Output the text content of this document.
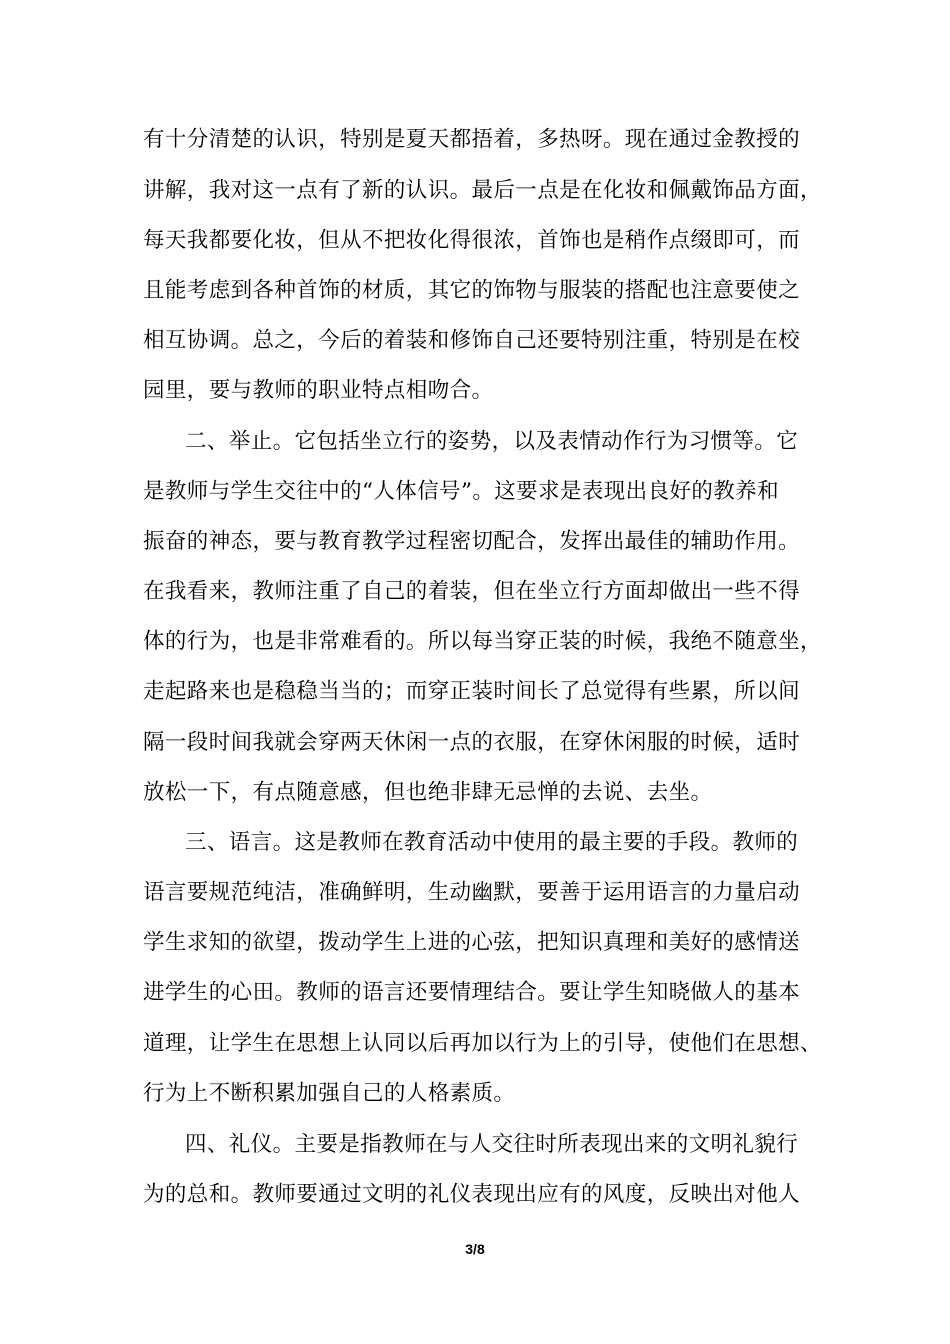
有十分清楚的认识，特别是夏天都捂着，多热呀。现在通过金教授的
讲解，我对这一点有了新的认识。最后一点是在化妆和佩戴饰品方面，
每天我都要化妆，但从不把妆化得很浓，首饰也是稍作点缀即可，而
且能考虑到各种首饰的材质，其它的饰物与服装的搭配也注意要使之
相互协调。总之，今后的着装和修饰自己还要特别注重，特别是在校
园里，要与教师的职业特点相吻合。
二、举止。它包括坐立行的姿势，以及表情动作行为习惯等。它
是教师与学生交往中的“人体信号”。这要求是表现出良好的教养和
振奋的神态，要与教育教学过程密切配合，发挥出最佳的辅助作用。
在我看来，教师注重了自己的着装，但在坐立行方面却做出一些不得
体的行为，也是非常难看的。所以每当穿正装的时候，我绝不随意坐，
走起路来也是稳稳当当的；而穿正装时间长了总觉得有些累，所以间
隔一段时间我就会穿两天休闲一点的衣服，在穿休闲服的时候，适时
放松一下，有点随意感，但也绝非肆无忌惮的去说、去坐。
三、语言。这是教师在教育活动中使用的最主要的手段。教师的
语言要规范纯洁，准确鲜明，生动幽默，要善于运用语言的力量启动
学生求知的欲望，拨动学生上进的心弦，把知识真理和美好的感情送
进学生的心田。教师的语言还要情理结合。要让学生知晓做人的基本
道理，让学生在思想上认同以后再加以行为上的引导，使他们在思想、
行为上不断积累加强自己的人格素质。
四、礼仪。主要是指教师在与人交往时所表现出来的文明礼貌行
为的总和。教师要通过文明的礼仪表现出应有的风度，反映出对他人
3/8
